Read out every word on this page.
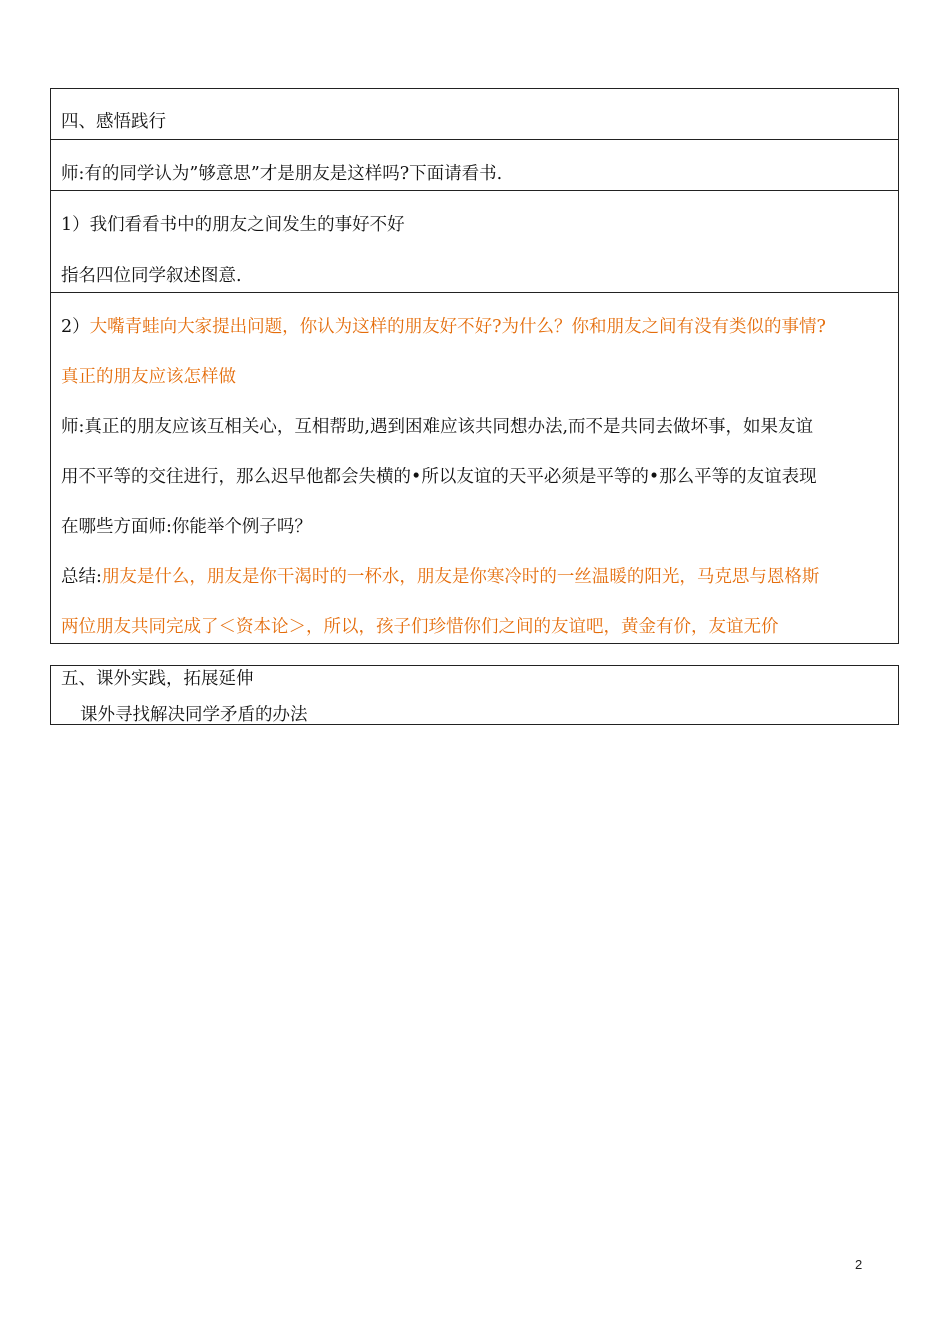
四、感悟践行
师:有的同学认为”够意思”才是朋友是这样吗?下面请看书.
1）我们看看书中的朋友之间发生的事好不好
指名四位同学叙述图意.
2）大嘴青蛙向大家提出问题，你认为这样的朋友好不好?为什么？你和朋友之间有没有类似的事情?
真正的朋友应该怎样做
师:真正的朋友应该互相关心，互相帮助,遇到困难应该共同想办法,而不是共同去做坏事，如果友谊
用不平等的交往进行，那么迟早他都会失横的•所以友谊的天平必须是平等的•那么平等的友谊表现
在哪些方面师:你能举个例子吗？
总结:朋友是什么，朋友是你干渴时的一杯水，朋友是你寒冷时的一丝温暖的阳光，马克思与恩格斯
两位朋友共同完成了＜资本论＞，所以，孩子们珍惜你们之间的友谊吧，黄金有价，友谊无价
五、课外实践，拓展延伸
课外寻找解决同学矛盾的办法
2
